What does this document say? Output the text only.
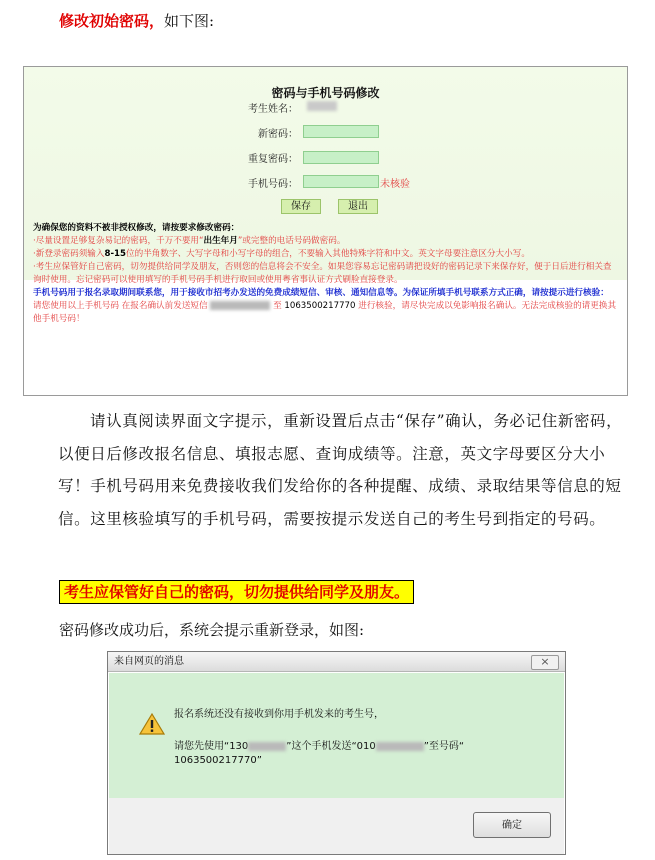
修改初始密码，如下图:
密码与手机号码修改
考生姓名：
新密码：
重复密码：
手机号码：	未核验
保存	退出
为确保您的资料不被非授权修改，请按要求修改密码：
·尽量设置足够复杂易记的密码，千万不要用“出生年月”或完整的电话号码做密码。
·新登录密码须输入8-15位的半角数字、大写字母和小写字母的组合，不要输入其他特殊字符和中文。英文字母要注意区分大小写。
·考生应保管好自己密码，切勿提供给同学及朋友，否则您的信息将会不安全。如果您容易忘记密码请把设好的密码记录下来保存好，便于日后进行相关查询时使用。忘记密码可以使用填写的手机号码手机进行取回或使用粤省事认证方式刷脸直接登录。
手机号码用于报名录取期间联系您，用于接收市招考办发送的免费成绩短信、审核、通知信息等。为保证所填手机号联系方式正确，请按提示进行核验：
请您使用以上手机号码 在报名确认前发送短信	至 1063500217770 进行核验，请尽快完成以免影响报名确认。无法完成核验的请更换其他手机号码！

请认真阅读界面文字提示，重新设置后点击“保存”确认，务必记住新密码，以便日后修改报名信息、填报志愿、查询成绩等。注意，英文字母要区分大小写！手机号码用来免费接收我们发给你的各种提醒、成绩、录取结果等信息的短信。这里核验填写的手机号码，需要按提示发送自己的考生号到指定的号码。

考生应保管好自己的密码，切勿提供给同学及朋友。
密码修改成功后，系统会提示重新登录，如图:
来自网页的消息	×
报名系统还没有接收到你用手机发来的考生号，
请您先使用“130	”这个手机发送“010	”至号码“
1063500217770”
确定
